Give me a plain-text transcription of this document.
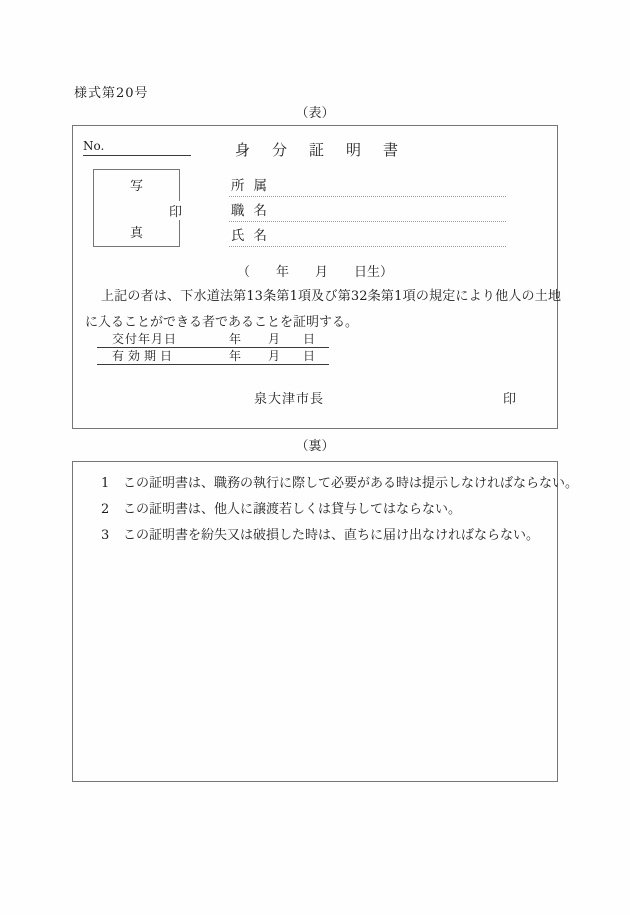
様式第20号
（表）
No.	身分証明書
写
印
真
所属
職名
氏名
（　　年　　月　　日生）

上記の者は、下水道法第13条第1項及び第32条第1項の規定により他人の土地に入ることができる者であることを証明する。

交付年月日	年 月 日
有効期日	年 月 日
泉大津市長	印
（裏）
1	この証明書は、職務の執行に際して必要がある時は提示しなければならない。
2	この証明書は、他人に譲渡若しくは貸与してはならない。
3	この証明書を紛失又は破損した時は、直ちに届け出なければならない。
